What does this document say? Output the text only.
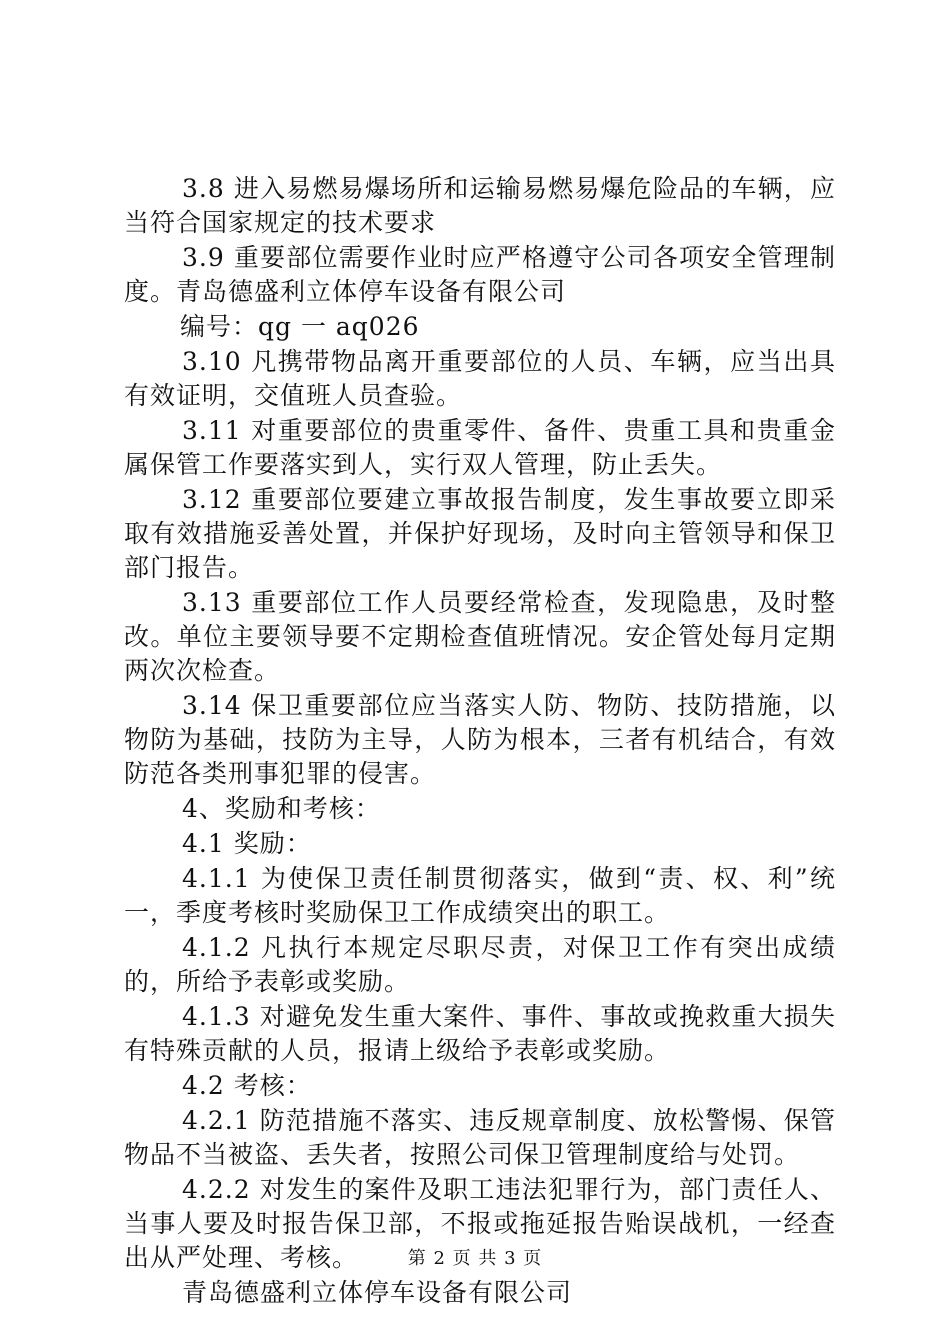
3.8 进入易燃易爆场所和运输易燃易爆危险品的车辆，应当符合国家规定的技术要求

3.9 重要部位需要作业时应严格遵守公司各项安全管理制度。青岛德盛利立体停车设备有限公司

编号：qg 一 aq026

3.10 凡携带物品离开重要部位的人员、车辆，应当出具有效证明，交值班人员查验。

3.11 对重要部位的贵重零件、备件、贵重工具和贵重金属保管工作要落实到人，实行双人管理，防止丢失。

3.12 重要部位要建立事故报告制度，发生事故要立即采取有效措施妥善处置，并保护好现场，及时向主管领导和保卫部门报告。

3.13 重要部位工作人员要经常检查，发现隐患，及时整改。单位主要领导要不定期检查值班情况。安企管处每月定期两次次检查。

3.14 保卫重要部位应当落实人防、物防、技防措施，以物防为基础，技防为主导，人防为根本，三者有机结合，有效防范各类刑事犯罪的侵害。

4、奖励和考核：

4.1 奖励：

4.1.1 为使保卫责任制贯彻落实，做到“责、权、利”统一，季度考核时奖励保卫工作成绩突出的职工。

4.1.2 凡执行本规定尽职尽责，对保卫工作有突出成绩的，所给予表彰或奖励。

4.1.3 对避免发生重大案件、事件、事故或挽救重大损失有特殊贡献的人员，报请上级给予表彰或奖励。

4.2 考核：

4.2.1 防范措施不落实、违反规章制度、放松警惕、保管物品不当被盗、丢失者，按照公司保卫管理制度给与处罚。

4.2.2 对发生的案件及职工违法犯罪行为，部门责任人、当事人要及时报告保卫部，不报或拖延报告贻误战机，一经查出从严处理、考核。

青岛德盛利立体停车设备有限公司

第 2 页 共 3 页
